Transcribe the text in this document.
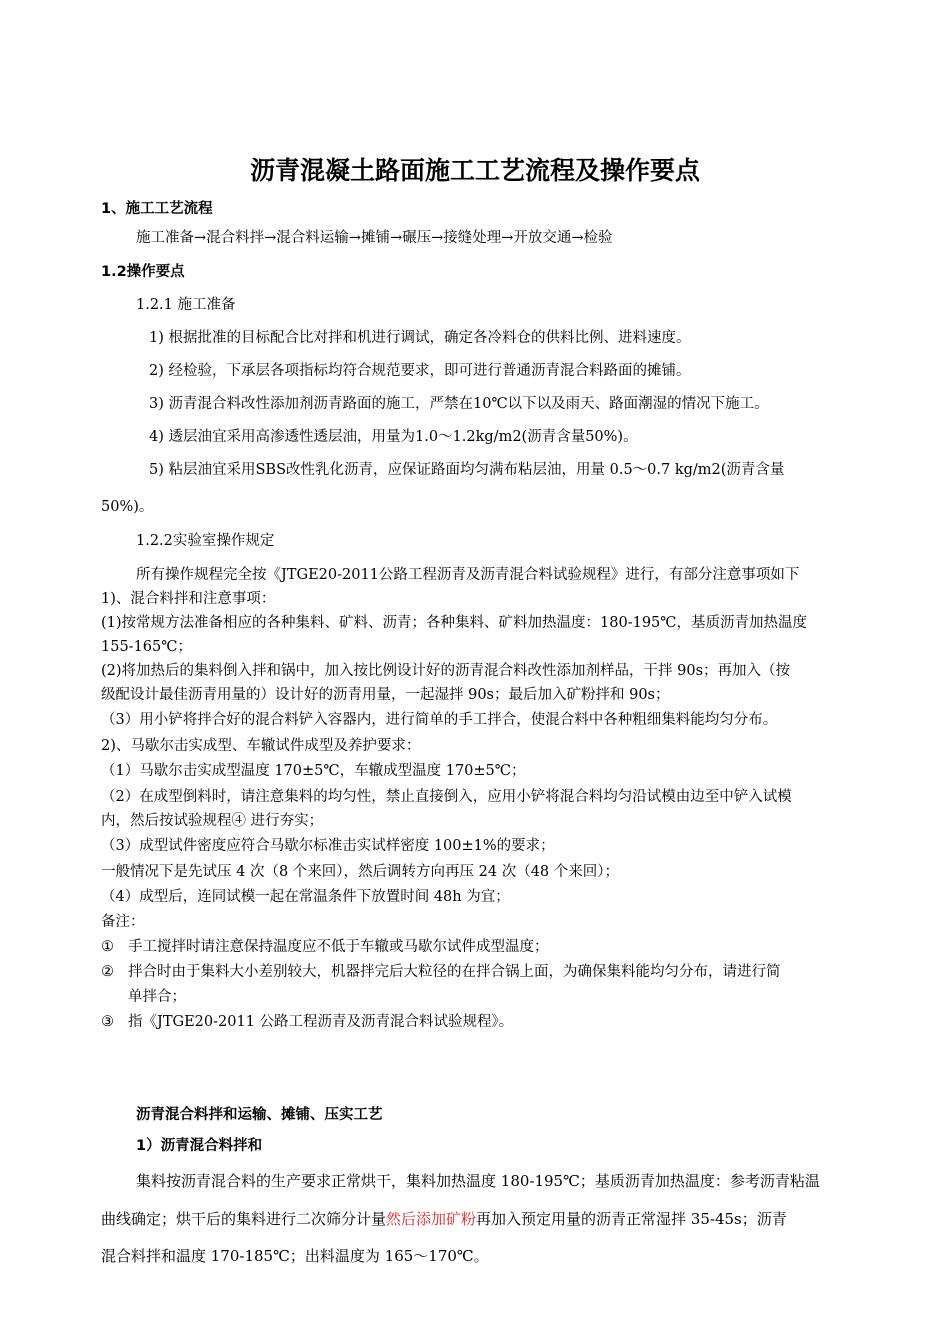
沥青混凝土路面施工工艺流程及操作要点
1、施工工艺流程
施工准备→混合料拌→混合料运输→摊铺→碾压→接缝处理→开放交通→检验
1.2操作要点
1.2.1 施工准备
1) 根据批准的目标配合比对拌和机进行调试，确定各冷料仓的供料比例、进料速度。
2) 经检验，下承层各项指标均符合规范要求，即可进行普通沥青混合料路面的摊铺。
3) 沥青混合料改性添加剂沥青路面的施工，严禁在10℃以下以及雨天、路面潮湿的情况下施工。
4) 透层油宜采用高渗透性透层油，用量为1.0～1.2kg/m2(沥青含量50%)。
5) 粘层油宜采用SBS改性乳化沥青，应保证路面均匀满布粘层油，用量 0.5～0.7 kg/m2(沥青含量
50%)。
1.2.2实验室操作规定
所有操作规程完全按《JTGE20-2011公路工程沥青及沥青混合料试验规程》进行，有部分注意事项如下
1)、混合料拌和注意事项：
(1)按常规方法准备相应的各种集料、矿料、沥青；各种集料、矿料加热温度：180-195℃，基质沥青加热温度
155-165℃；
(2)将加热后的集料倒入拌和锅中，加入按比例设计好的沥青混合料改性添加剂样品，干拌 90s；再加入（按
级配设计最佳沥青用量的）设计好的沥青用量，一起湿拌 90s；最后加入矿粉拌和 90s；
（3）用小铲将拌合好的混合料铲入容器内，进行简单的手工拌合，使混合料中各种粗细集料能均匀分布。
2)、马歇尔击实成型、车辙试件成型及养护要求：
（1）马歇尔击实成型温度 170±5℃，车辙成型温度 170±5℃；
（2）在成型倒料时，请注意集料的均匀性，禁止直接倒入，应用小铲将混合料均匀沿试模由边至中铲入试模
内，然后按试验规程④ 进行夯实；
（3）成型试件密度应符合马歇尔标准击实试样密度 100±1%的要求；
一般情况下是先试压 4 次（8 个来回），然后调转方向再压 24 次（48 个来回）；
（4）成型后，连同试模一起在常温条件下放置时间 48h 为宜；
备注：
① 手工搅拌时请注意保持温度应不低于车辙或马歇尔试件成型温度；
② 拌合时由于集料大小差别较大，机器拌完后大粒径的在拌合锅上面，为确保集料能均匀分布，请进行简
单拌合；
③ 指《JTGE20-2011 公路工程沥青及沥青混合料试验规程》。
沥青混合料拌和运输、摊铺、压实工艺
1）沥青混合料拌和
集料按沥青混合料的生产要求正常烘干，集料加热温度 180-195℃；基质沥青加热温度：参考沥青粘温
曲线确定；烘干后的集料进行二次筛分计量然后添加矿粉再加入预定用量的沥青正常湿拌 35-45s；沥青
混合料拌和温度 170-185℃；出料温度为 165～170℃。
